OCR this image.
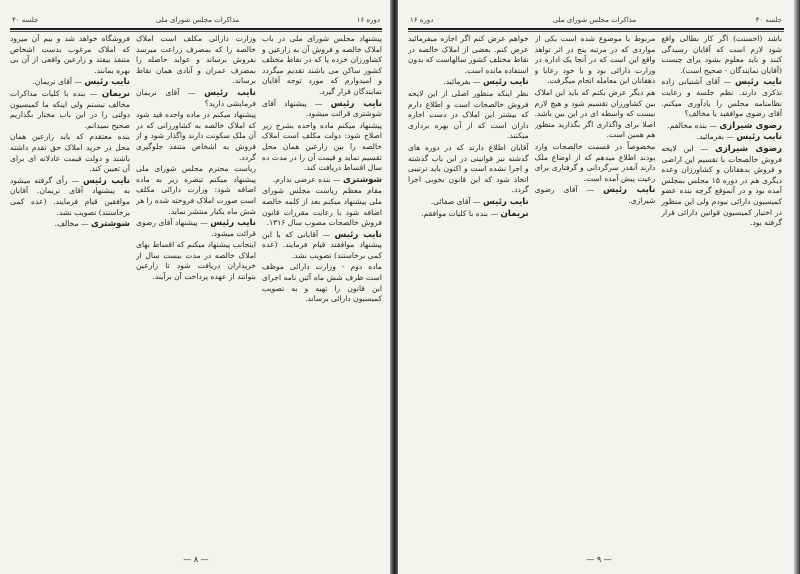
دوره ۱۶
مذاکرات مجلس شورای ملی
جلسه ۴۰

پیشنهاد مجلس شورای ملی در باب املاک خالصه و فروش آن به زارعین و کشاورزان خرده پا که در نقاط مختلف کشور ساکن می باشند تقدیم میگردد و امیدوارم که مورد توجه آقایان نمایندگان قرار گیرد.

نایب رئیس — پیشنهاد آقای شوشتری قرائت میشود.

پیشنهاد میکنم ماده واحده بشرح زیر اصلاح شود: دولت مکلف است املاک خالصه را بین زارعین همان محل تقسیم نماید و قیمت آن را در مدت ده سال اقساط دریافت کند.

شوشتری — بنده عرضی ندارم.

مقام معظم ریاست مجلس شورای ملی پیشنهاد میکنم بعد از کلمه خالصه اضافه شود با رعایت مقررات قانون فروش خالصجات مصوب سال ۱۳۱۶.

نایب رئیس — آقایانی که با این پیشنهاد موافقند قیام فرمایند. (عده کمی برخاستند) تصویب نشد.

ماده دوم - وزارت دارائی موظف است ظرف شش ماه آئین نامه اجرای این قانون را تهیه و به تصویب کمیسیون دارائی برساند.

وزارت دارائی مکلف است املاک خالصه را که بمصرف زراعت میرسد بفروش برساند و عواید حاصله را بمصرف عمران و آبادی همان نقاط برساند.

نایب رئیس — آقای نریمان فرمایشی دارید؟

پیشنهاد میکنم در ماده واحده قید شود که املاک خالصه به کشاورزانی که در آن ملک سکونت دارند واگذار شود و از فروش به اشخاص متنفذ جلوگیری گردد.

ریاست محترم مجلس شورای ملی پیشنهاد میکنم تبصره زیر به ماده اضافه شود: وزارت دارائی مکلف است صورت املاک فروخته شده را هر شش ماه یکبار منتشر نماید.

نایب رئیس — پیشنهاد آقای رضوی قرائت میشود.

اینجانب پیشنهاد میکنم که اقساط بهای املاک خالصه در مدت بیست سال از خریداران دریافت شود تا زارعین بتوانند از عهده پرداخت آن برآیند.

فروشگاه خواهد شد و بیم آن میرود که املاک مرغوب بدست اشخاص متنفذ بیفتد و زارعین واقعی از آن بی بهره بمانند.

نایب رئیس — آقای نریمان.

نریمان — بنده با کلیات مذاکرات مخالف نیستم ولی اینکه ما کمیسیون دولتی را در این باب مختار بگذاریم صحیح نمیدانم.

بنده معتقدم که باید زارعین همان محل در خرید املاک حق تقدم داشته باشند و دولت قیمت عادلانه ای برای آن تعیین کند.

نایب رئیس — رأی گرفته میشود به پیشنهاد آقای نریمان. آقایان موافقین قیام فرمایند. (عده کمی برخاستند) تصویب نشد.

شوشتری — مخالف.

— ۸ —
جلسه ۴۰
مذاکرات مجلس شورای ملی
دوره ۱۶

باشد (احسنت) اگر کار بطالی واقع شود لازم است که آقایان رسیدگی کنند و باید معلوم بشود برای چیست (آقایان نمایندگان - صحیح است).

نایب رئیس — آقای آشتیانی زاده تذکری دارند. نظم جلسه و رعایت نظامنامه مجلس را یادآوری میکنم. آقای رضوی موافقید یا مخالف؟

رضوی شیرازی — بنده مخالفم.

نایب رئیس — بفرمائید.

رضوی شیرازی — این لایحه فروش خالصجات با تقسیم این اراضی و فروش بدهقانان و کشاورزان وعده دیگری هم در دوره ۱۵ مجلس بمجلس آمده بود و در آنموقع گرچه بنده عضو کمیسیون دارائی نبودم ولی این منظور در اختیار کمیسیون قوانین دارائی قرار گرفته بود.

مربوط با موضوع شده است یکی از مواردی که در مرتبه پنج در اثر تواهد واقع این است که در آنجا یک اداره در وزارت دارائی بود و با خود رعایا و دهقانان این معامله انجام میگرفت.

هم دیگر عرض بکنم که باید این املاک بین کشاورزان تقسیم شود و هیچ لازم نیست که واسطه ای در این بین باشد. اصلا برای واگذاری اگر بگذارید منظور هم همین است.

مخصوصاً در قسمت خالصجات وارد بودند اطلاع میدهم که از اوضاع ملک دارند آنقدر سرگردانی و گرفتاری برای رعیت پیش آمده است.

نایب رئیس — آقای رضوی شیرازی.

خواهم عرض کنم اگر اجازه میفرمائید عرض کنم. بعضی از املاک خالصه در نقاط مختلف کشور سالهاست که بدون استفاده مانده است.

نایب رئیس — بفرمائید.

نظر اینکه منظور اصلی از این لایحه فروش خالصجات است و اطلاع دارم که بیشتر این املاک در دست اجاره داران است که از آن بهره برداری میکنند.

آقایان اطلاع دارند که در دوره های گذشته نیز قوانینی در این باب گذشته و اجرا نشده است و اکنون باید ترتیبی اتخاذ شود که این قانون بخوبی اجرا گردد.

نایب رئیس — آقای صفائی.

نریمان — بنده با کلیات موافقم.

— ۹ —
